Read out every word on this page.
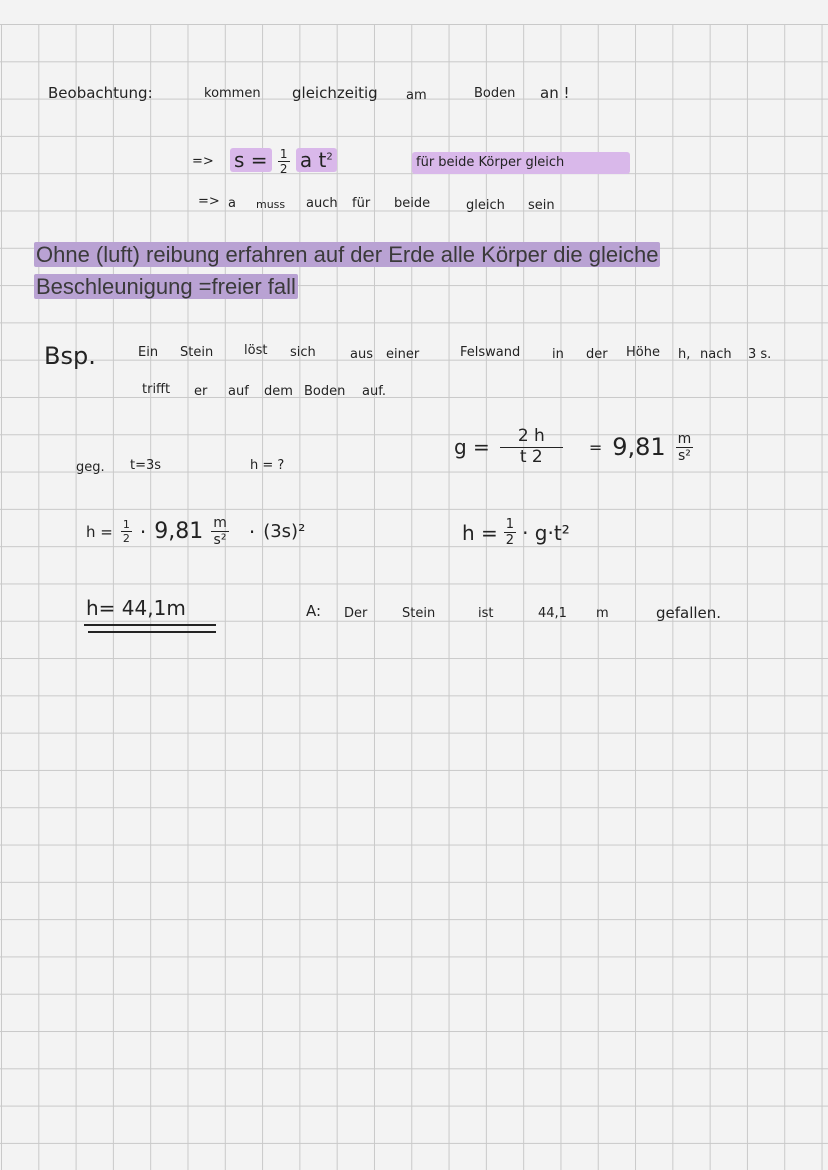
Beobachtung:	kommen gleichzeitig am	Boden an !
=> $s = \frac{1}{2}$ a $t^2$	für beide Körper gleich
=> a muss auch für beide	gleich sein
Ohne (luft) reibung erfahren auf der Erde alle Körper die gleiche
Beschleunigung =freier fall
Bsp.	Ein Stein löst sich	aus einer	Felswand in der Höhe h, nach 3 s.
trifft er auf dem Boden auf.
geg. t=3s	h = ?
$g = \frac{2 h}{t 2} = 9,81 \frac{m}{\text{s²}}$
$h = \frac{1}{2} \cdot 9,81 \frac{m}{\text{s²}} \cdot (3s)^2$	$h = \frac{1}{2} \cdot g\cdot t^2$
h= 44,1m	A: Der	Stein	ist	44,1 m	gefallen.
